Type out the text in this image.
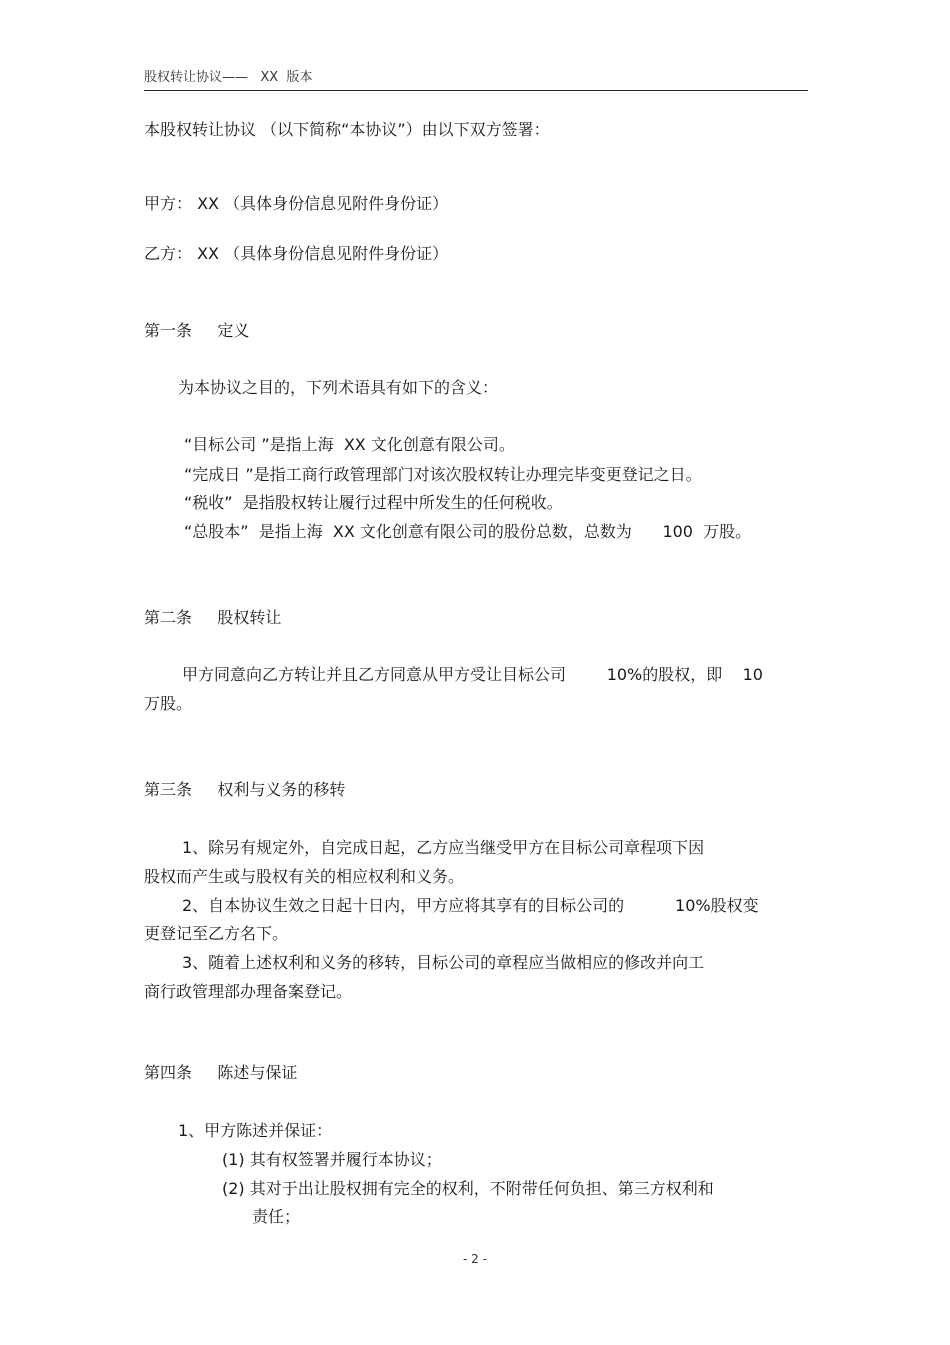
股权转让协议——   XX  版本
本股权转让协议 （以下简称“本协议”）由以下双方签署：
甲方： XX （具体身份信息见附件身份证）
乙方： XX （具体身份信息见附件身份证）
第一条     定义
为本协议之目的，下列术语具有如下的含义：
“目标公司 ”是指上海  XX 文化创意有限公司。
“完成日 ”是指工商行政管理部门对该次股权转让办理完毕变更登记之日。
“税收”  是指股权转让履行过程中所发生的任何税收。
“总股本”  是指上海  XX 文化创意有限公司的股份总数，总数为      100  万股。
第二条     股权转让
甲方同意向乙方转让并且乙方同意从甲方受让目标公司        10%的股权，即    10
万股。
第三条     权利与义务的移转
1、除另有规定外，自完成日起，乙方应当继受甲方在目标公司章程项下因
股权而产生或与股权有关的相应权利和义务。
2、自本协议生效之日起十日内，甲方应将其享有的目标公司的          10%股权变
更登记至乙方名下。
3、随着上述权利和义务的移转，目标公司的章程应当做相应的修改并向工
商行政管理部办理备案登记。
第四条     陈述与保证
1、甲方陈述并保证：
(1) 其有权签署并履行本协议；
(2) 其对于出让股权拥有完全的权利，不附带任何负担、第三方权利和
责任；
- 2 -
